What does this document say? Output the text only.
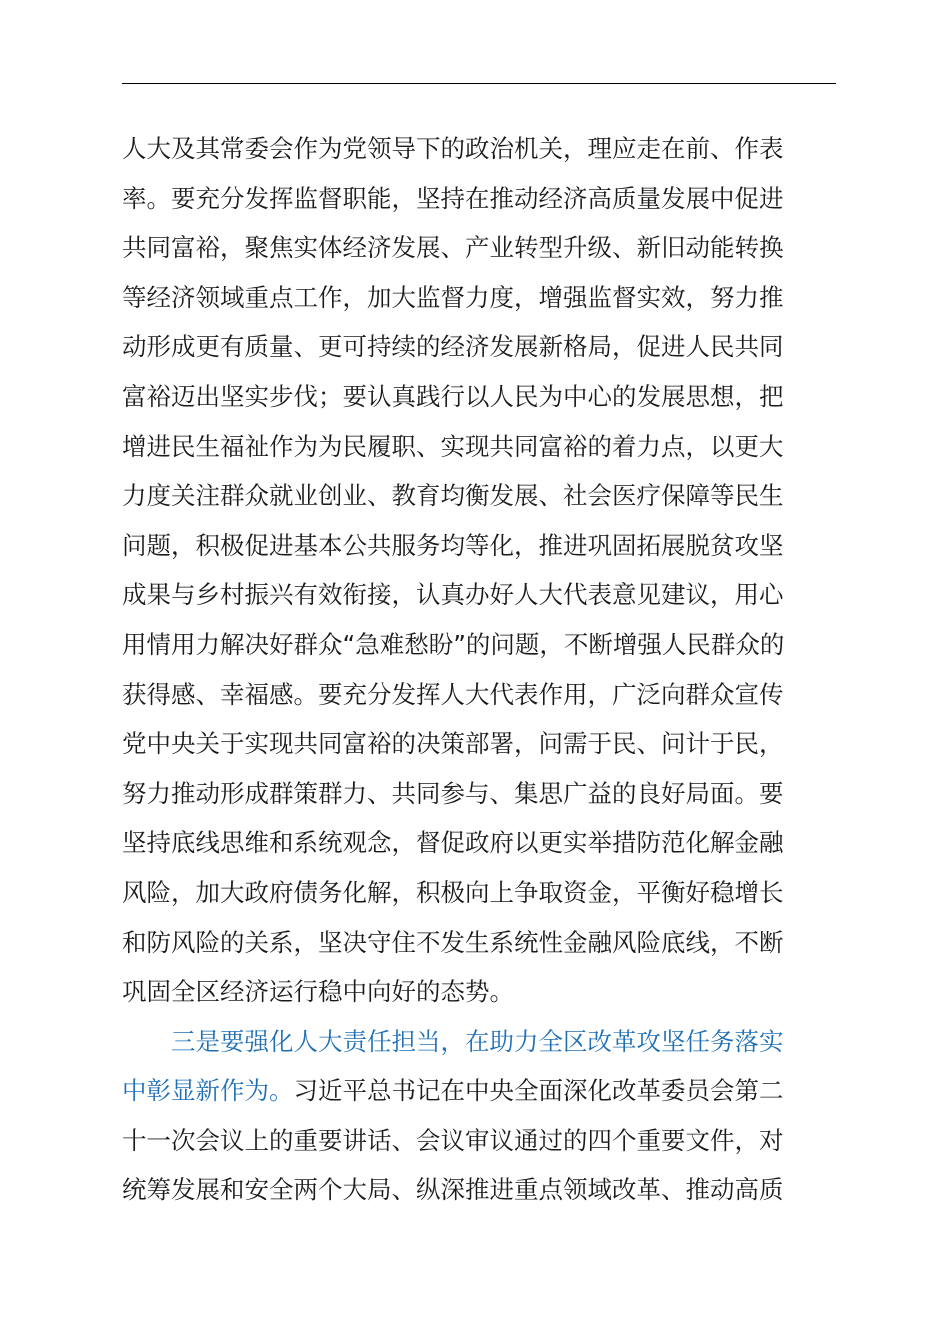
人大及其常委会作为党领导下的政治机关，理应走在前、作表
率。要充分发挥监督职能，坚持在推动经济高质量发展中促进
共同富裕，聚焦实体经济发展、产业转型升级、新旧动能转换
等经济领域重点工作，加大监督力度，增强监督实效，努力推
动形成更有质量、更可持续的经济发展新格局，促进人民共同
富裕迈出坚实步伐；要认真践行以人民为中心的发展思想，把
增进民生福祉作为为民履职、实现共同富裕的着力点，以更大
力度关注群众就业创业、教育均衡发展、社会医疗保障等民生
问题，积极促进基本公共服务均等化，推进巩固拓展脱贫攻坚
成果与乡村振兴有效衔接，认真办好人大代表意见建议，用心
用情用力解决好群众“急难愁盼”的问题，不断增强人民群众的
获得感、幸福感。要充分发挥人大代表作用，广泛向群众宣传
党中央关于实现共同富裕的决策部署，问需于民、问计于民，
努力推动形成群策群力、共同参与、集思广益的良好局面。要
坚持底线思维和系统观念，督促政府以更实举措防范化解金融
风险，加大政府债务化解，积极向上争取资金，平衡好稳增长
和防风险的关系，坚决守住不发生系统性金融风险底线，不断
巩固全区经济运行稳中向好的态势。
三是要强化人大责任担当，在助力全区改革攻坚任务落实
中彰显新作为。习近平总书记在中央全面深化改革委员会第二
十一次会议上的重要讲话、会议审议通过的四个重要文件，对
统筹发展和安全两个大局、纵深推进重点领域改革、推动高质
